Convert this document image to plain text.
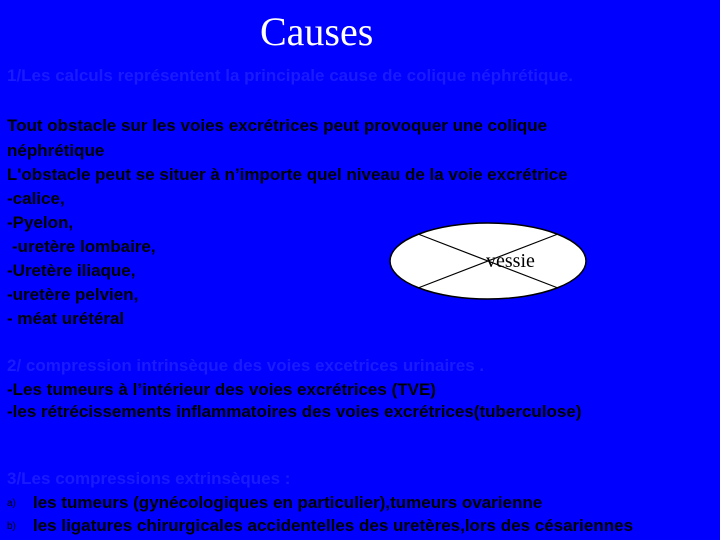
Causes
1/Les calculs représentent la principale cause de colique néphrétique.
Tout obstacle sur les voies excrétrices peut provoquer une colique
néphrétique
L'obstacle peut se situer à n’importe quel niveau de la voie excrétrice
-calice,
-Pyelon,
-uretère lombaire,
-Uretère iliaque,
-uretère pelvien,
- méat urétéral
vessie
2/ compression intrinsèque des voies excetrices urinaires .
-Les tumeurs à l’intérieur des voies excrétrices (TVE)
-les rétrécissements inflammatoires des voies excrétrices(tuberculose)
3/Les compressions extrinsèques :
a) les tumeurs (gynécologiques en particulier),tumeurs ovarienne
b) les ligatures chirurgicales accidentelles des uretères,lors des césariennes
